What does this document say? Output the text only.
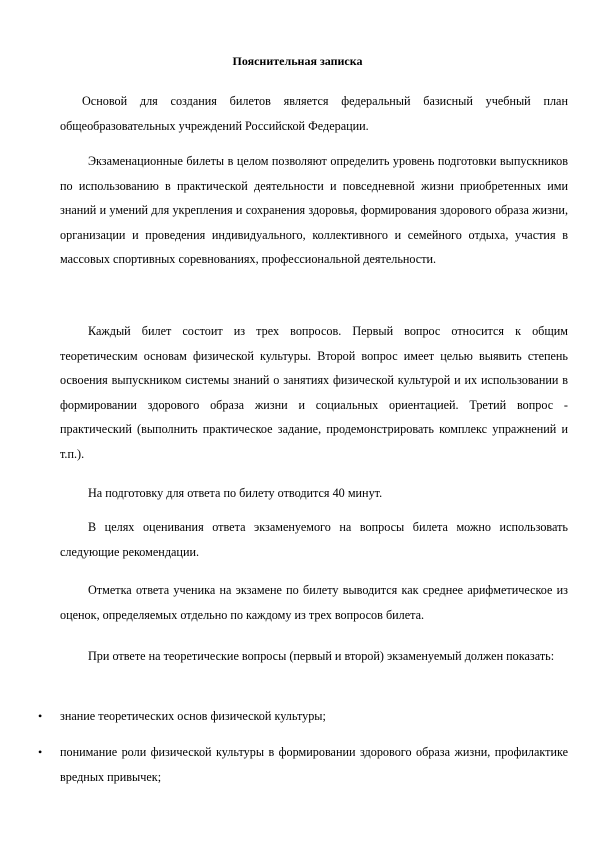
Пояснительная записка

Основой для создания билетов является федеральный базисный учебный план общеобразовательных учреждений Российской Федерации.

Экзаменационные билеты в целом позволяют определить уровень подготовки выпускников по использованию в практической деятельности и повседневной жизни приобретенных ими знаний и умений для укрепления и сохранения здоровья, формирования здорового образа жизни, организации и проведения индивидуального, коллективного и семейного отдыха, участия в массовых спортивных соревнованиях, профессиональной деятельности.

Каждый билет состоит из трех вопросов. Первый вопрос относится к общим теоретическим основам физической культуры. Второй вопрос имеет целью выявить степень освоения выпускником системы знаний о занятиях физической культурой и их использовании в формировании здорового образа жизни и социальных ориентацией. Третий вопрос - практический (выполнить практическое задание, продемонстрировать комплекс упражнений и т.п.).

На подготовку для ответа по билету отводится 40 минут.

В целях оценивания ответа экзаменуемого на вопросы билета можно использовать следующие рекомендации.

Отметка ответа ученика на экзамене по билету выводится как среднее арифметическое из оценок, определяемых отдельно по каждому из трех вопросов билета.

При ответе на теоретические вопросы (первый и второй) экзаменуемый должен показать:

• знание теоретических основ физической культуры;
• понимание роли физической культуры в формировании здорового образа жизни, профилактике вредных привычек;
